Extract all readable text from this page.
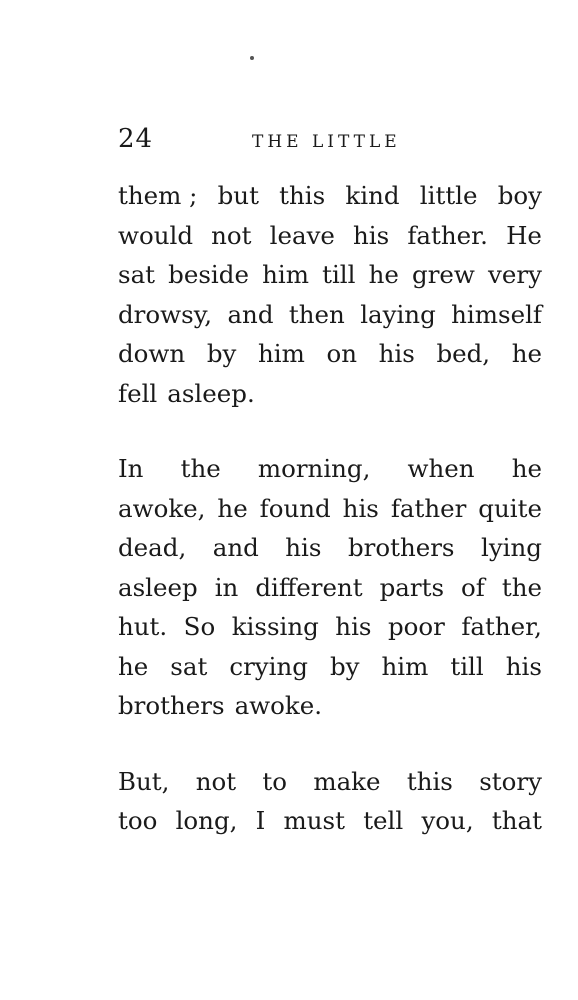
24	THE LITTLE
them ; but this kind little boy
would not leave his father. He
sat beside him till he grew very
drowsy, and then laying himself
down by him on his bed, he
fell asleep.
In the morning, when he
awoke, he found his father quite
dead, and his brothers lying
asleep in different parts of the
hut. So kissing his poor father,
he sat crying by him till his
brothers awoke.
But, not to make this story
too long, I must tell you, that
